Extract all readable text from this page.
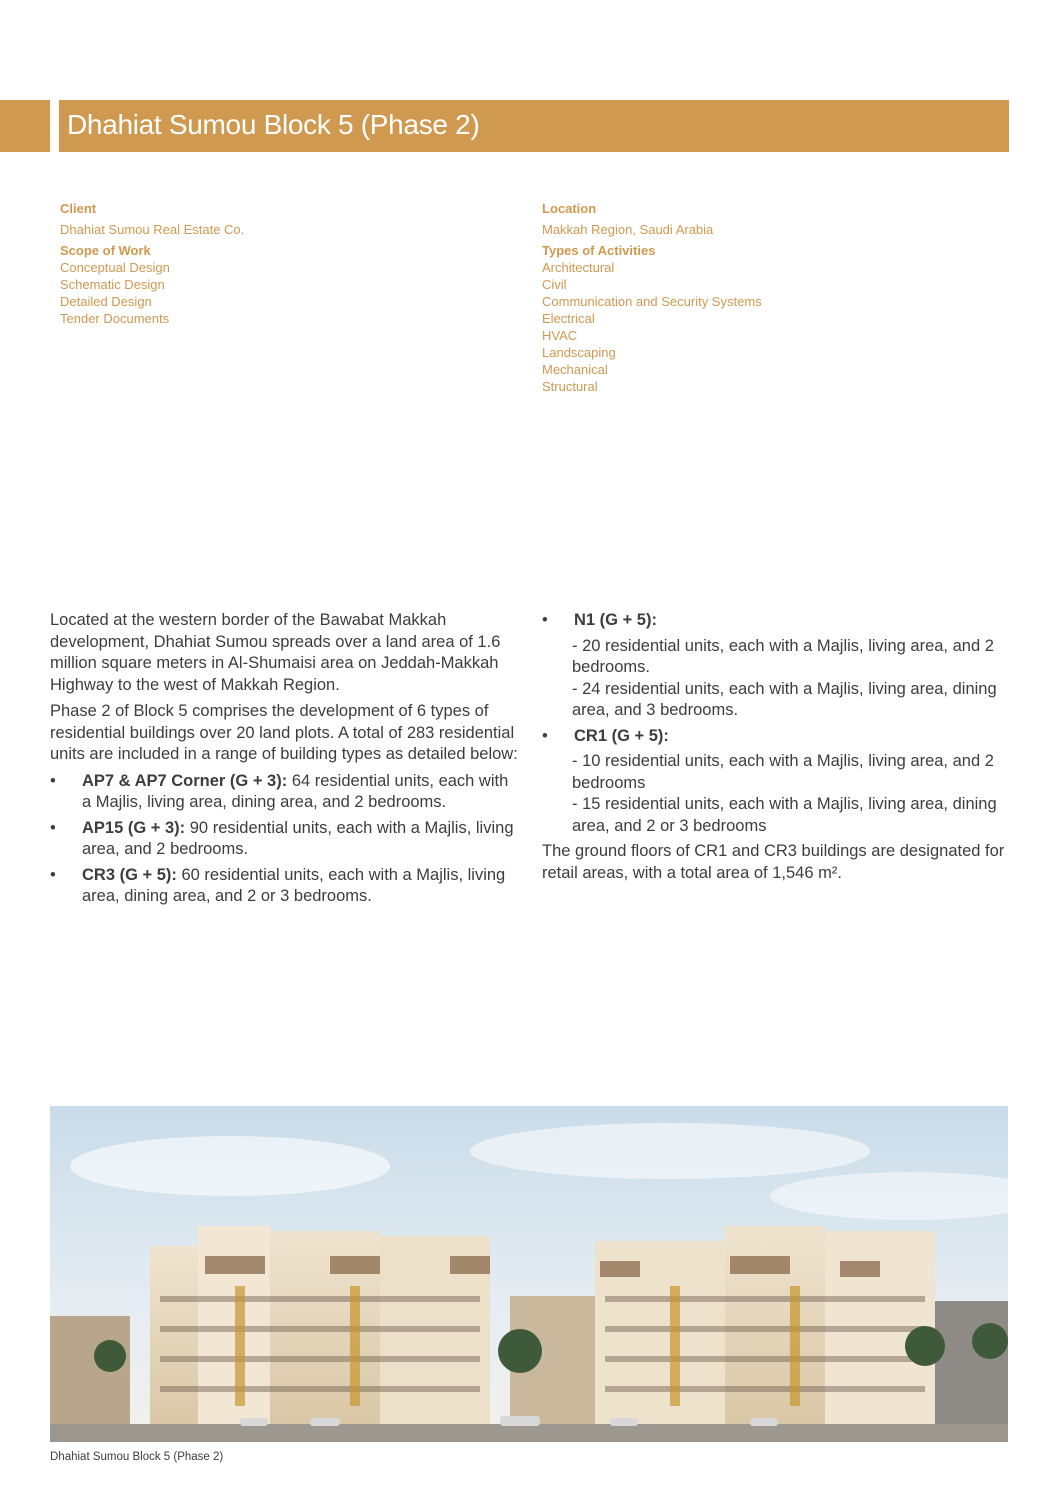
Dhahiat Sumou Block 5 (Phase 2)
Client
Dhahiat Sumou Real Estate Co.
Scope of Work
Conceptual Design
Schematic Design
Detailed Design
Tender Documents
Location
Makkah Region, Saudi Arabia
Types of Activities
Architectural
Civil
Communication and Security Systems
Electrical
HVAC
Landscaping
Mechanical
Structural

Located at the western border of the Bawabat Makkah development, Dhahiat Sumou spreads over a land area of 1.6 million square meters in Al-Shumaisi area on Jeddah-Makkah Highway to the west of Makkah Region.

Phase 2 of Block 5 comprises the development of 6 types of residential buildings over 20 land plots. A total of 283 residential units are included in a range of building types as detailed below:

• AP7 & AP7 Corner (G + 3): 64 residential units, each with a Majlis, living area, dining area, and 2 bedrooms.
• AP15 (G + 3): 90 residential units, each with a Majlis, living area, and 2 bedrooms.
• CR3 (G + 5): 60 residential units, each with a Majlis, living area, dining area, and 2 or 3 bedrooms.
• N1 (G + 5):
- 20 residential units, each with a Majlis, living area, and 2 bedrooms.
- 24 residential units, each with a Majlis, living area, dining area, and 3 bedrooms.
• CR1 (G + 5):
- 10 residential units, each with a Majlis, living area, and 2 bedrooms
- 15 residential units, each with a Majlis, living area, dining area, and 2 or 3 bedrooms

The ground floors of CR1 and CR3 buildings are designated for retail areas, with a total area of 1,546 m².

Dhahiat Sumou Block 5 (Phase 2)
